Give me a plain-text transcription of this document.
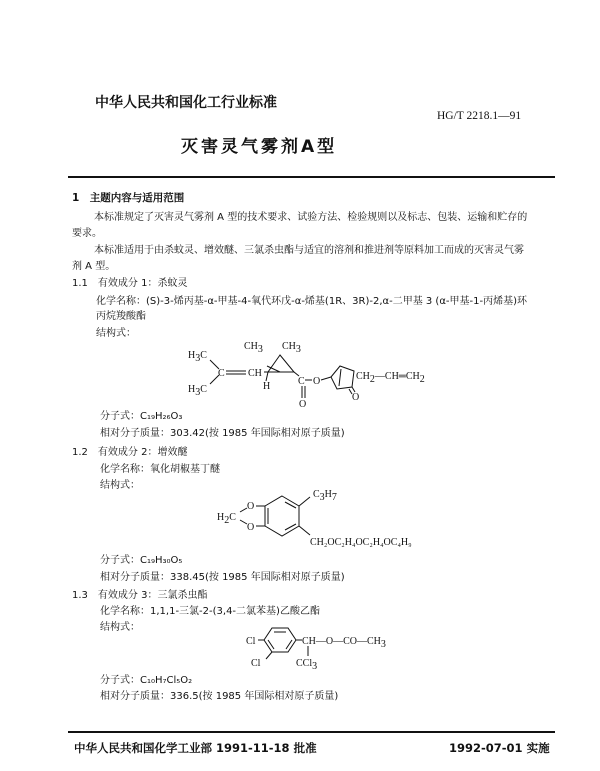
中华人民共和国化工行业标准
HG/T 2218.1—91
灭害灵气雾剂A型
1　主题内容与适用范围
本标准规定了灭害灵气雾剂 A 型的技术要求、试验方法、检验规则以及标志、包装、运输和贮存的
要求。
本标准适用于由杀蚊灵、增效醚、三氯杀虫酯与适宜的溶剂和推进剂等原料加工而成的灭害灵气雾
剂 A 型。
1.1　有效成分 1：杀蚊灵
化学名称：(S)-3-烯丙基-α-甲基-4-氧代环戊-α-烯基(1R、3R)-2,α-二甲基 3 (α-甲基-1-丙烯基)环
丙烷羧酸酯
结构式：
CH3 CH3
H3C
H3C
C CH
H	C O
O
CH2—CH═CH2
O
分子式：C₁₉H₂₆O₃
相对分子质量：303.42(按 1985 年国际相对原子质量)
1.2　有效成分 2：增效醚
化学名称：氧化胡椒基丁醚
结构式：
C3H7
O
O
H2C
CH₂OC₂H₄OC₂H₄OC₄H₉
分子式：C₁₉H₃₀O₅
相对分子质量：338.45(按 1985 年国际相对原子质量)
1.3　有效成分 3：三氯杀虫酯
化学名称：1,1,1-三氯-2-(3,4-二氯苯基)乙酸乙酯
结构式：
Cl
Cl
CH—O—CO—CH3
CCl3
分子式：C₁₀H₇Cl₅O₂
相对分子质量：336.5(按 1985 年国际相对原子质量)
中华人民共和国化学工业部 1991-11-18 批准	1992-07-01 实施
